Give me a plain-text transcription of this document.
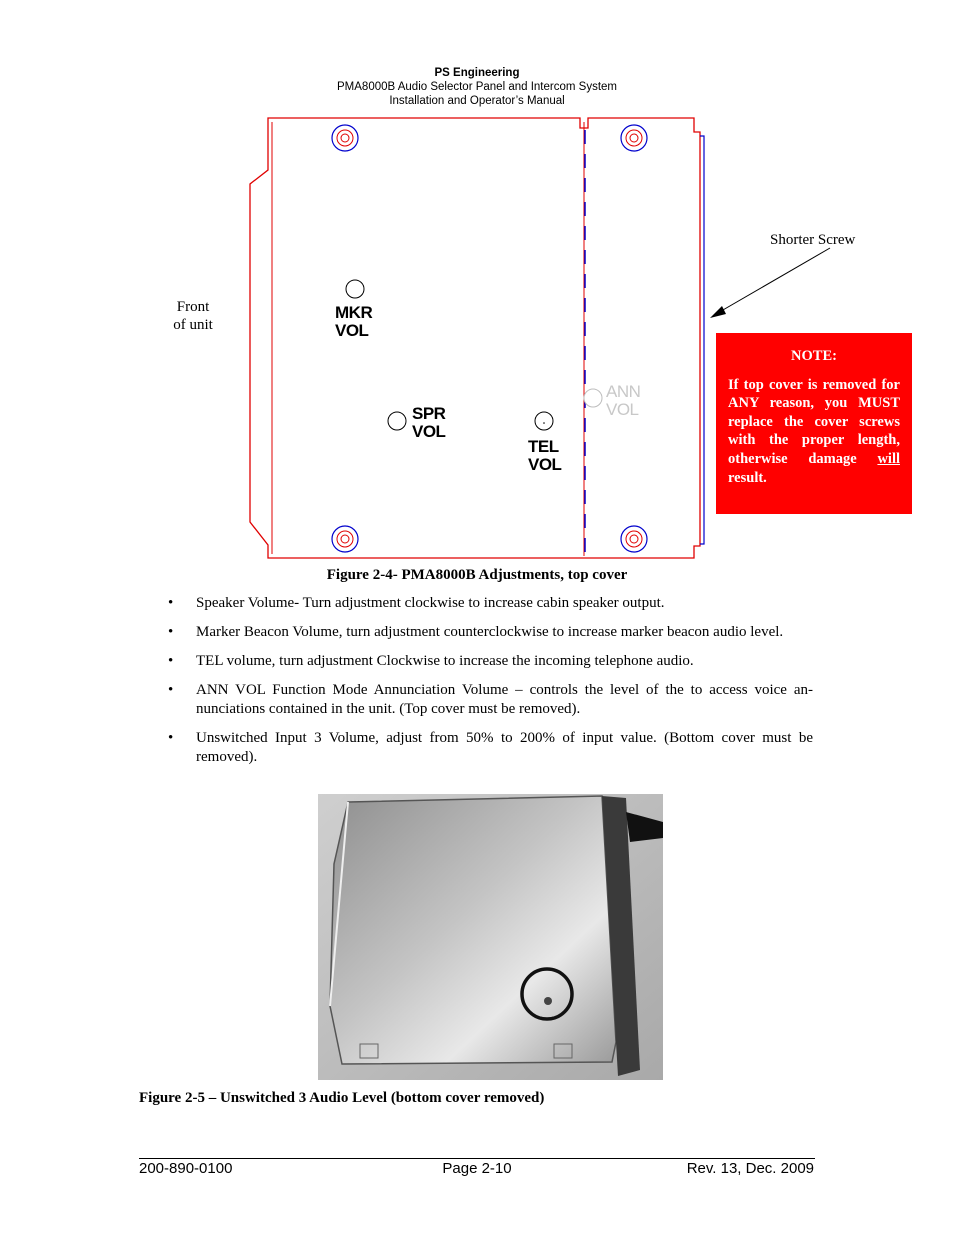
PS Engineering
PMA8000B Audio Selector Panel and Intercom System
Installation and Operator’s Manual
Front
of unit
MKR
VOL
SPR
VOL
TEL
VOL
ANN
VOL
Shorter Screw
NOTE:
If top cover is removed for ANY reason, you MUST replace the cover screws with the proper length, otherwise damage will result.
Figure 2-4- PMA8000B Adjustments, top cover
• Speaker Volume- Turn adjustment clockwise to increase cabin speaker output.
• Marker Beacon Volume, turn adjustment counterclockwise to increase marker beacon audio level.
• TEL volume, turn adjustment Clockwise to increase the incoming telephone audio.
• ANN VOL Function Mode Annunciation Volume – controls the level of the to access voice an-nunciations contained in the unit. (Top cover must be removed).
• Unswitched Input 3 Volume, adjust from 50% to 200% of input value. (Bottom cover must be removed).
Figure 2-5 – Unswitched 3 Audio Level (bottom cover removed)
200-890-0100	Page 2-10	Rev. 13, Dec. 2009
